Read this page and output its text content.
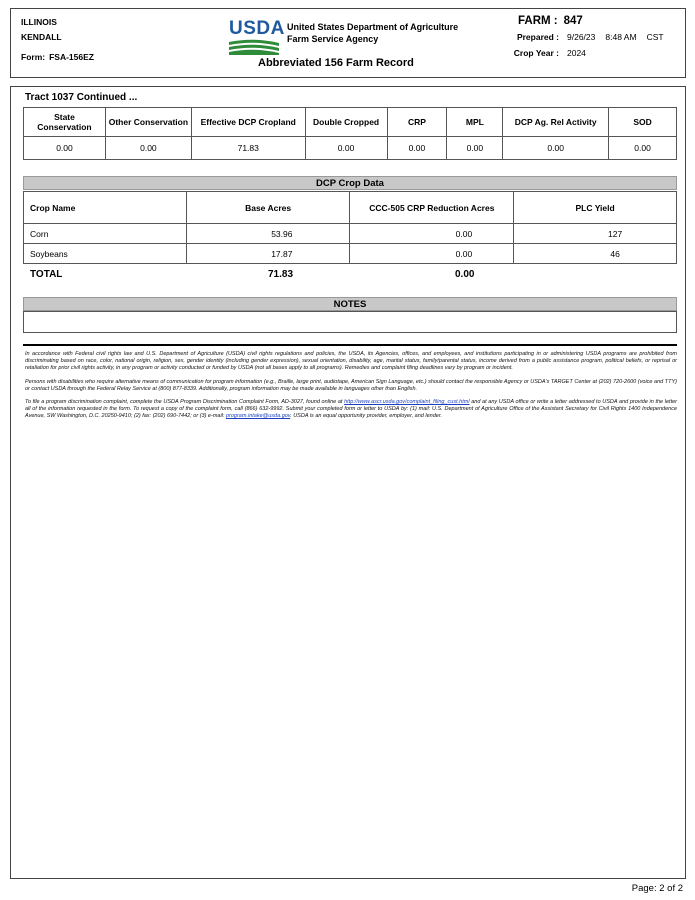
ILLINOIS
KENDALL
Form: FSA-156EZ
USDA United States Department of Agriculture
Farm Service Agency
Abbreviated 156 Farm Record
FARM : 847
Prepared : 9/26/23 8:48 AM CST
Crop Year : 2024
Tract 1037 Continued ...
State Conservation	Other Conservation	Effective DCP Cropland	Double Cropped	CRP	MPL	DCP Ag. Rel Activity	SOD
0.00	0.00	71.83	0.00	0.00	0.00	0.00	0.00
DCP Crop Data
Crop Name	Base Acres	CCC-505 CRP Reduction Acres	PLC Yield
Corn	53.96	0.00	127
Soybeans	17.87	0.00	46
TOTAL	71.83	0.00
NOTES

In accordance with Federal civil rights law and U.S. Department of Agriculture (USDA) civil rights regulations and policies, the USDA, its Agencies, offices, and employees, and institutions participating in or administering USDA programs are prohibited from discriminating based on race, color, national origin, religion, sex, gender identity (including gender expression), sexual orientation, disability, age, marital status, family/parental status, income derived from a public assistance program, political beliefs, or reprisal or retaliation for prior civil rights activity, in any program or activity conducted or funded by USDA (not all bases apply to all programs). Remedies and complaint filing deadlines vary by program or incident.

Persons with disabilities who require alternative means of communication for program information (e.g., Braille, large print, audiotape, American Sign Language, etc.) should contact the responsible Agency or USDA's TARGET Center at (202) 720-2600 (voice and TTY) or contact USDA through the Federal Relay Service at (800) 877-8339. Additionally, program information may be made available in languages other than English.

To file a program discrimination complaint, complete the USDA Program Discrimination Complaint Form, AD-3027, found online at http://www.ascr.usda.gov/complaint_filing_cust.html and at any USDA office or write a letter addressed to USDA and provide in the letter all of the information requested in the form. To request a copy of the complaint form, call (866) 632-9992. Submit your completed form or letter to USDA by: (1) mail: U.S. Department of Agriculture Office of the Assistant Secretary for Civil Rights 1400 Independence Avenue, SW Washington, D.C. 20250-9410; (2) fax: (202) 690-7442; or (3) e-mail: program.intake@usda.gov. USDA is an equal opportunity provider, employer, and lender.

Page: 2 of 2
